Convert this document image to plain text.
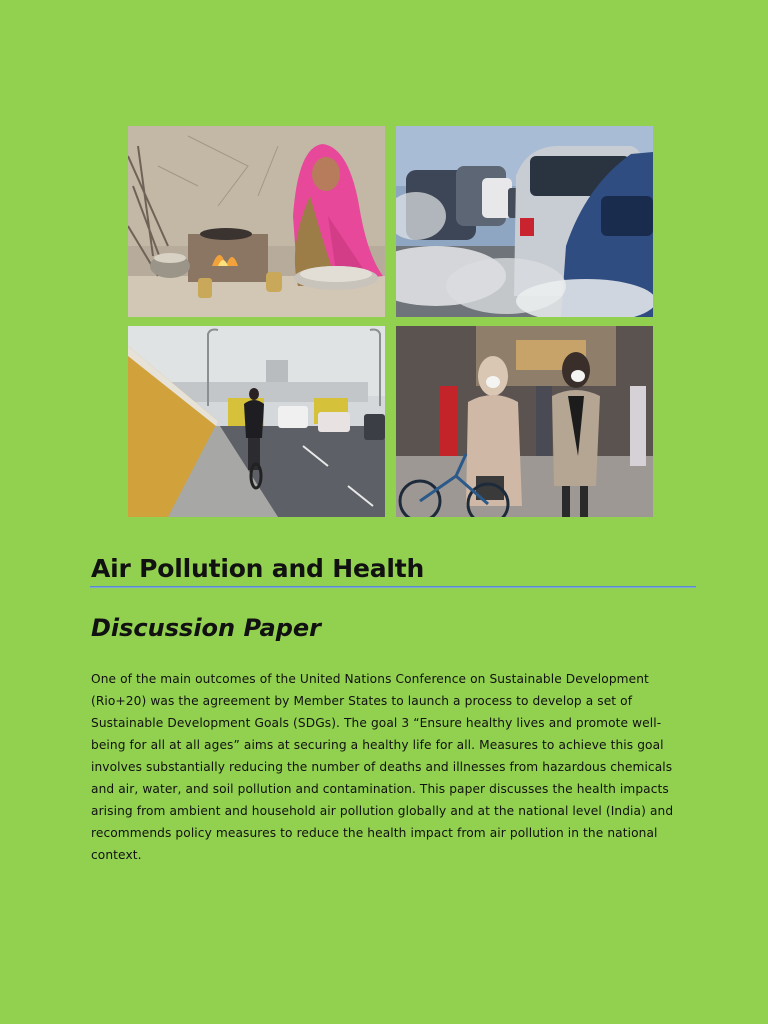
Air Pollution and Health
Discussion Paper

One of the main outcomes of the United Nations Conference on Sustainable Development (Rio+20) was the agreement by Member States to launch a process to develop a set of Sustainable Development Goals (SDGs). The goal 3 “Ensure healthy lives and promote well-being for all at all ages” aims at securing a healthy life for all. Measures to achieve this goal involves substantially reducing the number of deaths and illnesses from hazardous chemicals and air, water, and soil pollution and contamination. This paper discusses the health impacts arising from ambient and household air pollution globally and at the national level (India) and recommends policy measures to reduce the health impact from air pollution in the national context.
